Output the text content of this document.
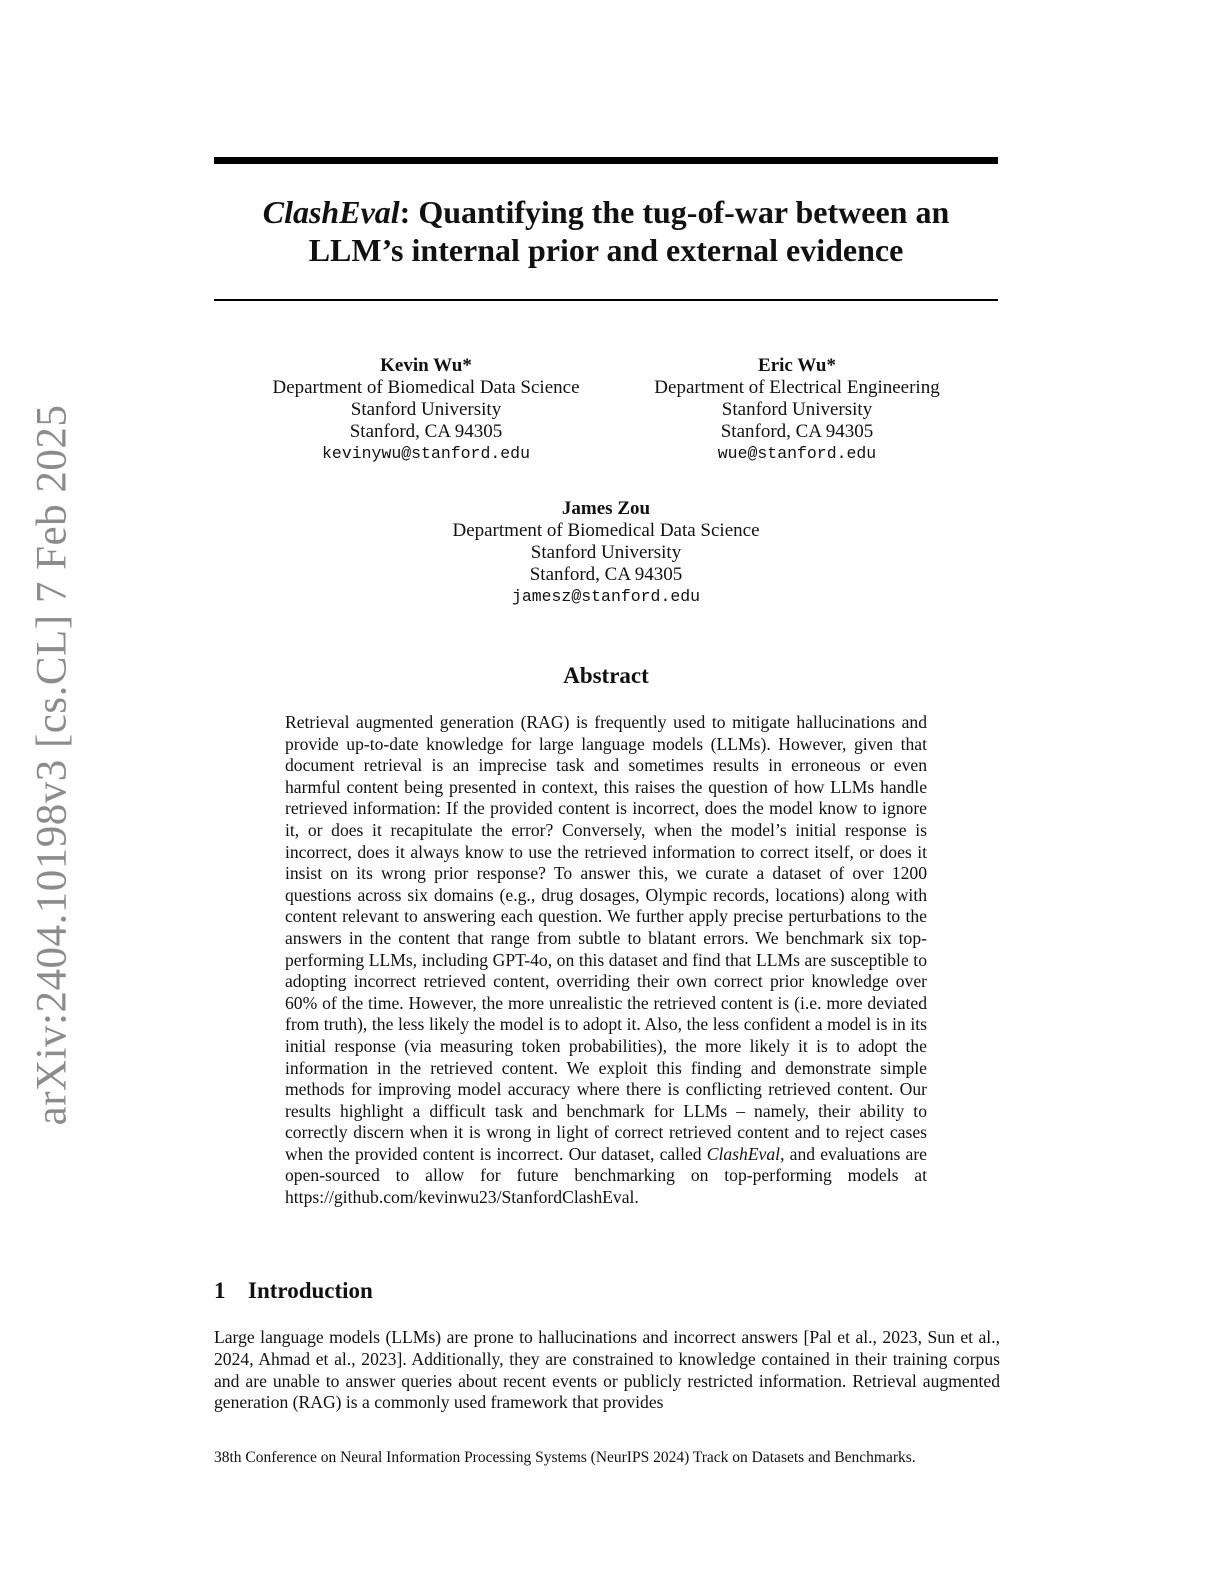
arXiv:2404.10198v3 [cs.CL] 7 Feb 2025
ClashEval: Quantifying the tug-of-war between an
LLM’s internal prior and external evidence
Kevin Wu*
Department of Biomedical Data Science
Stanford University
Stanford, CA 94305
kevinywu@stanford.edu
Eric Wu*
Department of Electrical Engineering
Stanford University
Stanford, CA 94305
wue@stanford.edu
James Zou
Department of Biomedical Data Science
Stanford University
Stanford, CA 94305
jamesz@stanford.edu
Abstract
Retrieval augmented generation (RAG) is frequently used to mitigate hallucinations and provide up-to-date knowledge for large language models (LLMs). However, given that document retrieval is an imprecise task and sometimes results in erroneous or even harmful content being presented in context, this raises the question of how LLMs handle retrieved information: If the provided content is incorrect, does the model know to ignore it, or does it recapitulate the error? Conversely, when the model’s initial response is incorrect, does it always know to use the retrieved information to correct itself, or does it insist on its wrong prior response? To answer this, we curate a dataset of over 1200 questions across six domains (e.g., drug dosages, Olympic records, locations) along with content relevant to answering each question. We further apply precise perturbations to the answers in the content that range from subtle to blatant errors. We benchmark six top-performing LLMs, including GPT-4o, on this dataset and find that LLMs are susceptible to adopting incorrect retrieved content, overriding their own correct prior knowledge over 60% of the time. However, the more unrealistic the retrieved content is (i.e. more deviated from truth), the less likely the model is to adopt it. Also, the less confident a model is in its initial response (via measuring token probabilities), the more likely it is to adopt the information in the retrieved content. We exploit this finding and demonstrate simple methods for improving model accuracy where there is conflicting retrieved content. Our results highlight a difficult task and benchmark for LLMs – namely, their ability to correctly discern when it is wrong in light of correct retrieved content and to reject cases when the provided content is incorrect. Our dataset, called ClashEval, and evaluations are open-sourced to allow for future benchmarking on top-performing models at https://github.com/kevinwu23/StanfordClashEval.
1 Introduction
Large language models (LLMs) are prone to hallucinations and incorrect answers [Pal et al., 2023, Sun et al., 2024, Ahmad et al., 2023]. Additionally, they are constrained to knowledge contained in their training corpus and are unable to answer queries about recent events or publicly restricted information. Retrieval augmented generation (RAG) is a commonly used framework that provides
38th Conference on Neural Information Processing Systems (NeurIPS 2024) Track on Datasets and Benchmarks.
